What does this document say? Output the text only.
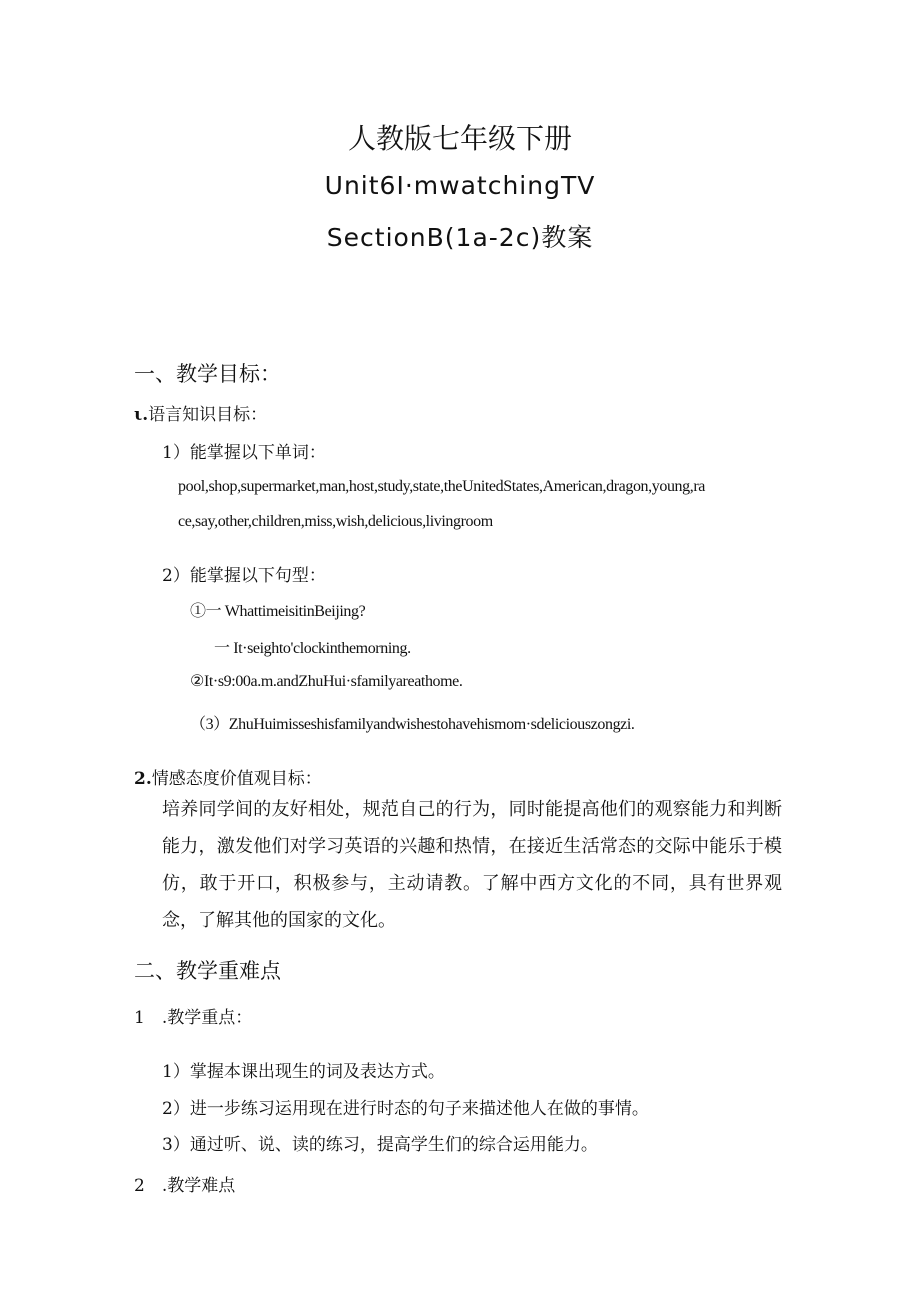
人教版七年级下册
Unit6I·mwatchingTV
SectionB(1a-2c)教案
一、教学目标：
ι.语言知识目标：
1）能掌握以下单词：
pool,shop,supermarket,man,host,study,state,theUnitedStates,American,dragon,young,ra
ce,say,other,children,miss,wish,delicious,livingroom
2）能掌握以下句型：
①一 WhattimeisitinBeijing?
一 It·seighto'clockinthemorning.
②It·s9:00a.m.andZhuHui·sfamilyareathome.
（3）ZhuHuimisseshisfamilyandwishestohavehismom·sdeliciouszongzi.
2.情感态度价值观目标：
培养同学间的友好相处，规范自己的行为，同时能提高他们的观察能力和判断能力，激发他们对学习英语的兴趣和热情，在接近生活常态的交际中能乐于模仿，敢于开口，积极参与，主动请教。了解中西方文化的不同，具有世界观念，了解其他的国家的文化。
二、教学重难点
1　.教学重点：
1）掌握本课出现生的词及表达方式。
2）进一步练习运用现在进行时态的句子来描述他人在做的事情。
3）通过听、说、读的练习，提高学生们的综合运用能力。
2　.教学难点
